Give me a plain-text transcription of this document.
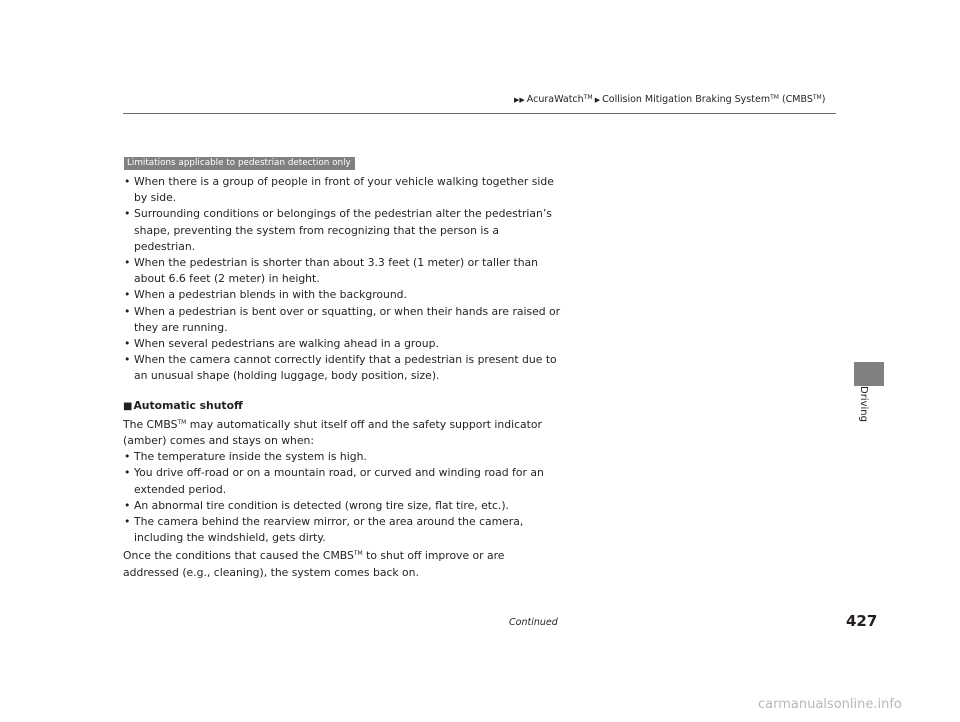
▶▶ AcuraWatch™ ▶ Collision Mitigation Braking System™ (CMBS™)
Driving
Limitations applicable to pedestrian detection only
• When there is a group of people in front of your vehicle walking together side by side.
• Surrounding conditions or belongings of the pedestrian alter the pedestrian’s shape, preventing the system from recognizing that the person is a pedestrian.
• When the pedestrian is shorter than about 3.3 feet (1 meter) or taller than about 6.6 feet (2 meter) in height.
• When a pedestrian blends in with the background.
• When a pedestrian is bent over or squatting, or when their hands are raised or they are running.
• When several pedestrians are walking ahead in a group.
• When the camera cannot correctly identify that a pedestrian is present due to an unusual shape (holding luggage, body position, size).
■Automatic shutoff

The CMBS™ may automatically shut itself off and the safety support indicator (amber) comes and stays on when:

• The temperature inside the system is high.
• You drive off-road or on a mountain road, or curved and winding road for an extended period.
• An abnormal tire condition is detected (wrong tire size, flat tire, etc.).
• The camera behind the rearview mirror, or the area around the camera, including the windshield, gets dirty.

Once the conditions that caused the CMBS™ to shut off improve or are addressed (e.g., cleaning), the system comes back on.

Continued	427
carmanualsonline.info
